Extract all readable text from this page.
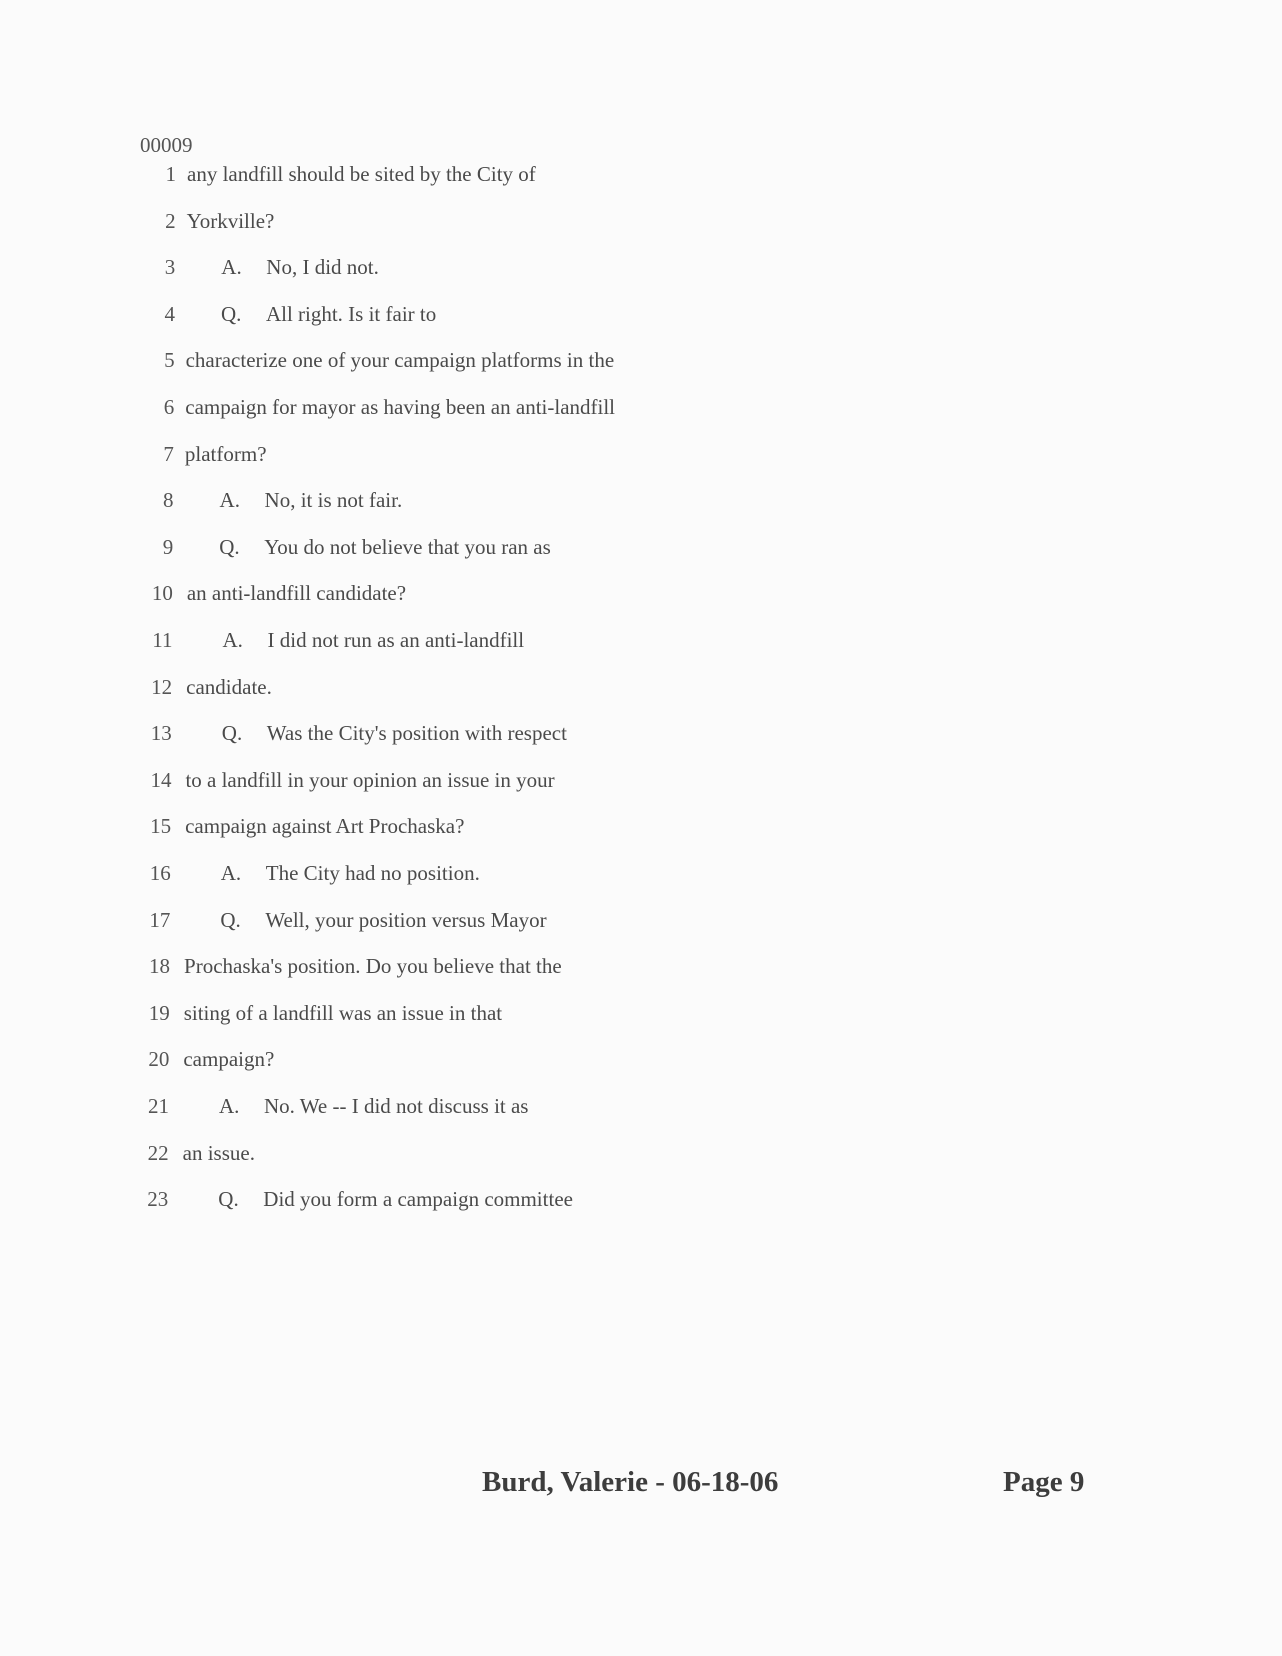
00009
1 any landfill should be sited by the City of
2 Yorkville?
3 A. No, I did not.
4 Q. All right. Is it fair to
5 characterize one of your campaign platforms in the
6 campaign for mayor as having been an anti-landfill
7 platform?
8 A. No, it is not fair.
9 Q. You do not believe that you ran as
10 an anti-landfill candidate?
11 A. I did not run as an anti-landfill
12 candidate.
13 Q. Was the City's position with respect
14 to a landfill in your opinion an issue in your
15 campaign against Art Prochaska?
16 A. The City had no position.
17 Q. Well, your position versus Mayor
18 Prochaska's position. Do you believe that the
19 siting of a landfill was an issue in that
20 campaign?
21 A. No. We -- I did not discuss it as
22 an issue.
23 Q. Did you form a campaign committee
Burd, Valerie - 06-18-06	Page 9
